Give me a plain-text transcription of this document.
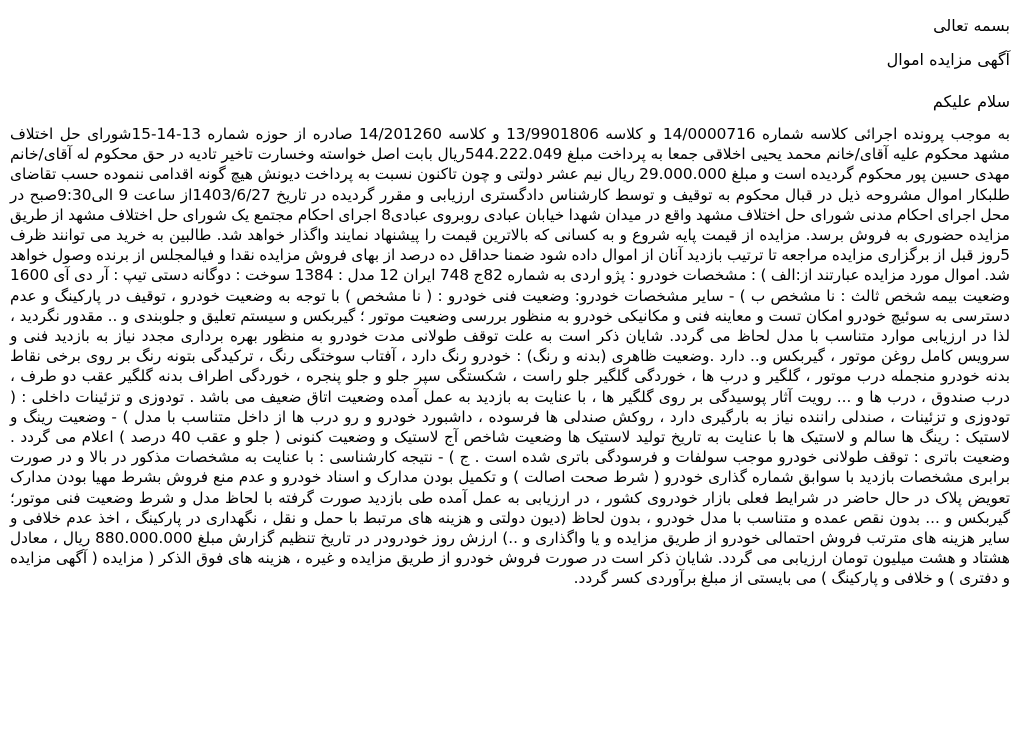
بسمه تعالی

آگهی مزایده اموال

سلام علیکم

به موجب پرونده اجرائی کلاسه شماره 14/0000716 و کلاسه 13/9901806 و کلاسه 14/201260 صادره از حوزه شماره 13-14-15شورای حل اختلاف مشهد محکوم علیه آقای/خانم محمد یحیی اخلاقی جمعا به پرداخت مبلغ 544.222.049ریال بابت اصل خواسته وخسارت تاخیر تادیه در حق محکوم له آقای/خانم مهدی حسین پور محکوم گردیده است و مبلغ 29.000.000 ریال نیم عشر دولتی و چون تاکنون نسبت به پرداخت دیونش هیچ گونه اقدامی ننموده حسب تقاضای طلبکار اموال مشروحه ذیل در قبال محکوم به توقیف و توسط کارشناس دادگستری ارزیابی و مقرر گردیده در تاریخ 1403/6/27از ساعت 9 الی9:30صبح در محل اجرای احکام مدنی شورای حل اختلاف مشهد واقع در میدان شهدا خیابان عبادی روبروی عبادی8 اجرای احکام مجتمع یک شورای حل اختلاف مشهد از طریق مزایده حضوری به فروش برسد. مزایده از قیمت پایه شروع و به کسانی که بالاترین قیمت را پیشنهاد نمایند واگذار خواهد شد. طالبین به خرید می توانند ظرف 5روز قبل از برگزاری مزایده مراجعه تا ترتیب بازدید آنان از اموال داده شود ضمنا حداقل ده درصد از بهای فروش مزایده نقدا و فیالمجلس از برنده وصول خواهد شد. اموال مورد مزایده عبارتند از:الف ) : مشخصات خودرو : پژو اردی به شماره 82ج 748 ایران 12 مدل : 1384 سوخت : دوگانه دستی تیپ : آر دی آی 1600 وضعیت بیمه شخص ثالث : نا مشخص ب ) - سایر مشخصات خودرو: وضعیت فنی خودرو : ( نا مشخص ) با توجه به وضعیت خودرو ، توقیف در پارکینگ و عدم دسترسی به سوئیچ خودرو امکان تست و معاینه فنی و مکانیکی خودرو به منظور بررسی وضعیت موتور ؛ گیربکس و سیستم تعلیق و جلوبندی و .. مقدور نگردید ، لذا در ارزیابی موارد متناسب با مدل لحاظ می گردد. شایان ذکر است به علت توقف طولانی مدت خودرو به منظور بهره برداری مجدد نیاز به بازدید فنی و سرویس کامل روغن موتور ، گیربکس و.. دارد .وضعیت ظاهری (بدنه و رنگ) : خودرو رنگ دارد ، آفتاب سوختگی رنگ ، ترکیدگی بتونه رنگ بر روی برخی نقاط بدنه خودرو منجمله درب موتور ، گلگیر و درب ها ، خوردگی گلگیر جلو راست ، شکستگی سپر جلو و جلو پنجره ، خوردگی اطراف بدنه گلگیر عقب دو طرف ، درب صندوق ، درب ها و ... رویت آثار پوسیدگی بر روی گلگیر ها ، با عنایت به بازدید به عمل آمده وضعیت اتاق ضعیف می باشد . تودوزی و تزئینات داخلی : ( تودوزی و تزئینات ، صندلی راننده نیاز به بارگیری دارد ، روکش صندلی ها فرسوده ، داشبورد خودرو و رو درب ها از داخل متناسب با مدل ) - وضعیت رینگ و لاستیک : رینگ ها سالم و لاستیک ها با عنایت به تاریخ تولید لاستیک ها وضعیت شاخص آج لاستیک و وضعیت کنونی ( جلو و عقب 40 درصد ) اعلام می گردد . وضعیت باتری : توقف طولانی خودرو موجب سولفات و فرسودگی باتری شده است . ج ) - نتیجه کارشناسی : با عنایت به مشخصات مذکور در بالا و در صورت برابری مشخصات بازدید با سوابق شماره گذاری خودرو ( شرط صحت اصالت ) و تکمیل بودن مدارک و اسناد خودرو و عدم منع فروش بشرط مهیا بودن مدارک تعویض پلاک در حال حاضر در شرایط فعلی بازار خودروی کشور ، در ارزیابی به عمل آمده طی بازدید صورت گرفته با لحاظ مدل و شرط وضعیت فنی موتور؛ گیربکس و ... بدون نقص عمده و متناسب با مدل خودرو ، بدون لحاظ (دیون دولتی و هزینه های مرتبط با حمل و نقل ، نگهداری در پارکینگ ، اخذ عدم خلافی و سایر هزینه های مترتب فروش احتمالی خودرو از طریق مزایده و یا واگذاری و ..) ارزش روز خودرودر در تاریخ تنظیم گزارش مبلغ 880.000.000 ریال ، معادل هشتاد و هشت میلیون تومان ارزیابی می گردد. شایان ذکر است در صورت فروش خودرو از طریق مزایده و غیره ، هزینه های فوق الذکر ( مزایده ( آگهی مزایده و دفتری ) و خلافی و پارکینگ ) می بایستی از مبلغ برآوردی کسر گردد.
